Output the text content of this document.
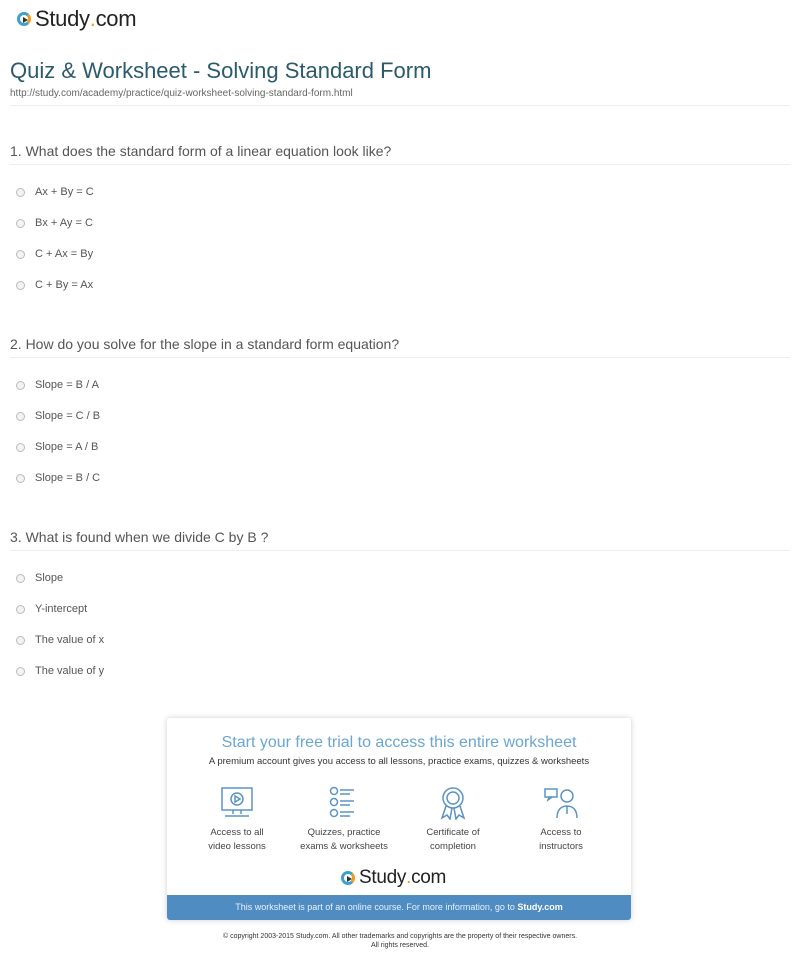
Study . com
Quiz & Worksheet - Solving Standard Form
http://study.com/academy/practice/quiz-worksheet-solving-standard-form.html
1. What does the standard form of a linear equation look like?
Ax + By = C
Bx + Ay = C
C + Ax = By
C + By = Ax
2. How do you solve for the slope in a standard form equation?
Slope = B / A
Slope = C / B
Slope = A / B
Slope = B / C
3. What is found when we divide C by B ?
Slope
Y-intercept
The value of x
The value of y
Start your free trial to access this entire worksheet
A premium account gives you access to all lessons, practice exams, quizzes & worksheets
Access to all
video lessons
Quizzes, practice
exams & worksheets
Certificate of
completion
Access to
instructors
Study . com
This worksheet is part of an online course. For more information, go to Study.com
© copyright 2003-2015 Study.com. All other trademarks and copyrights are the property of their respective owners.
All rights reserved.
